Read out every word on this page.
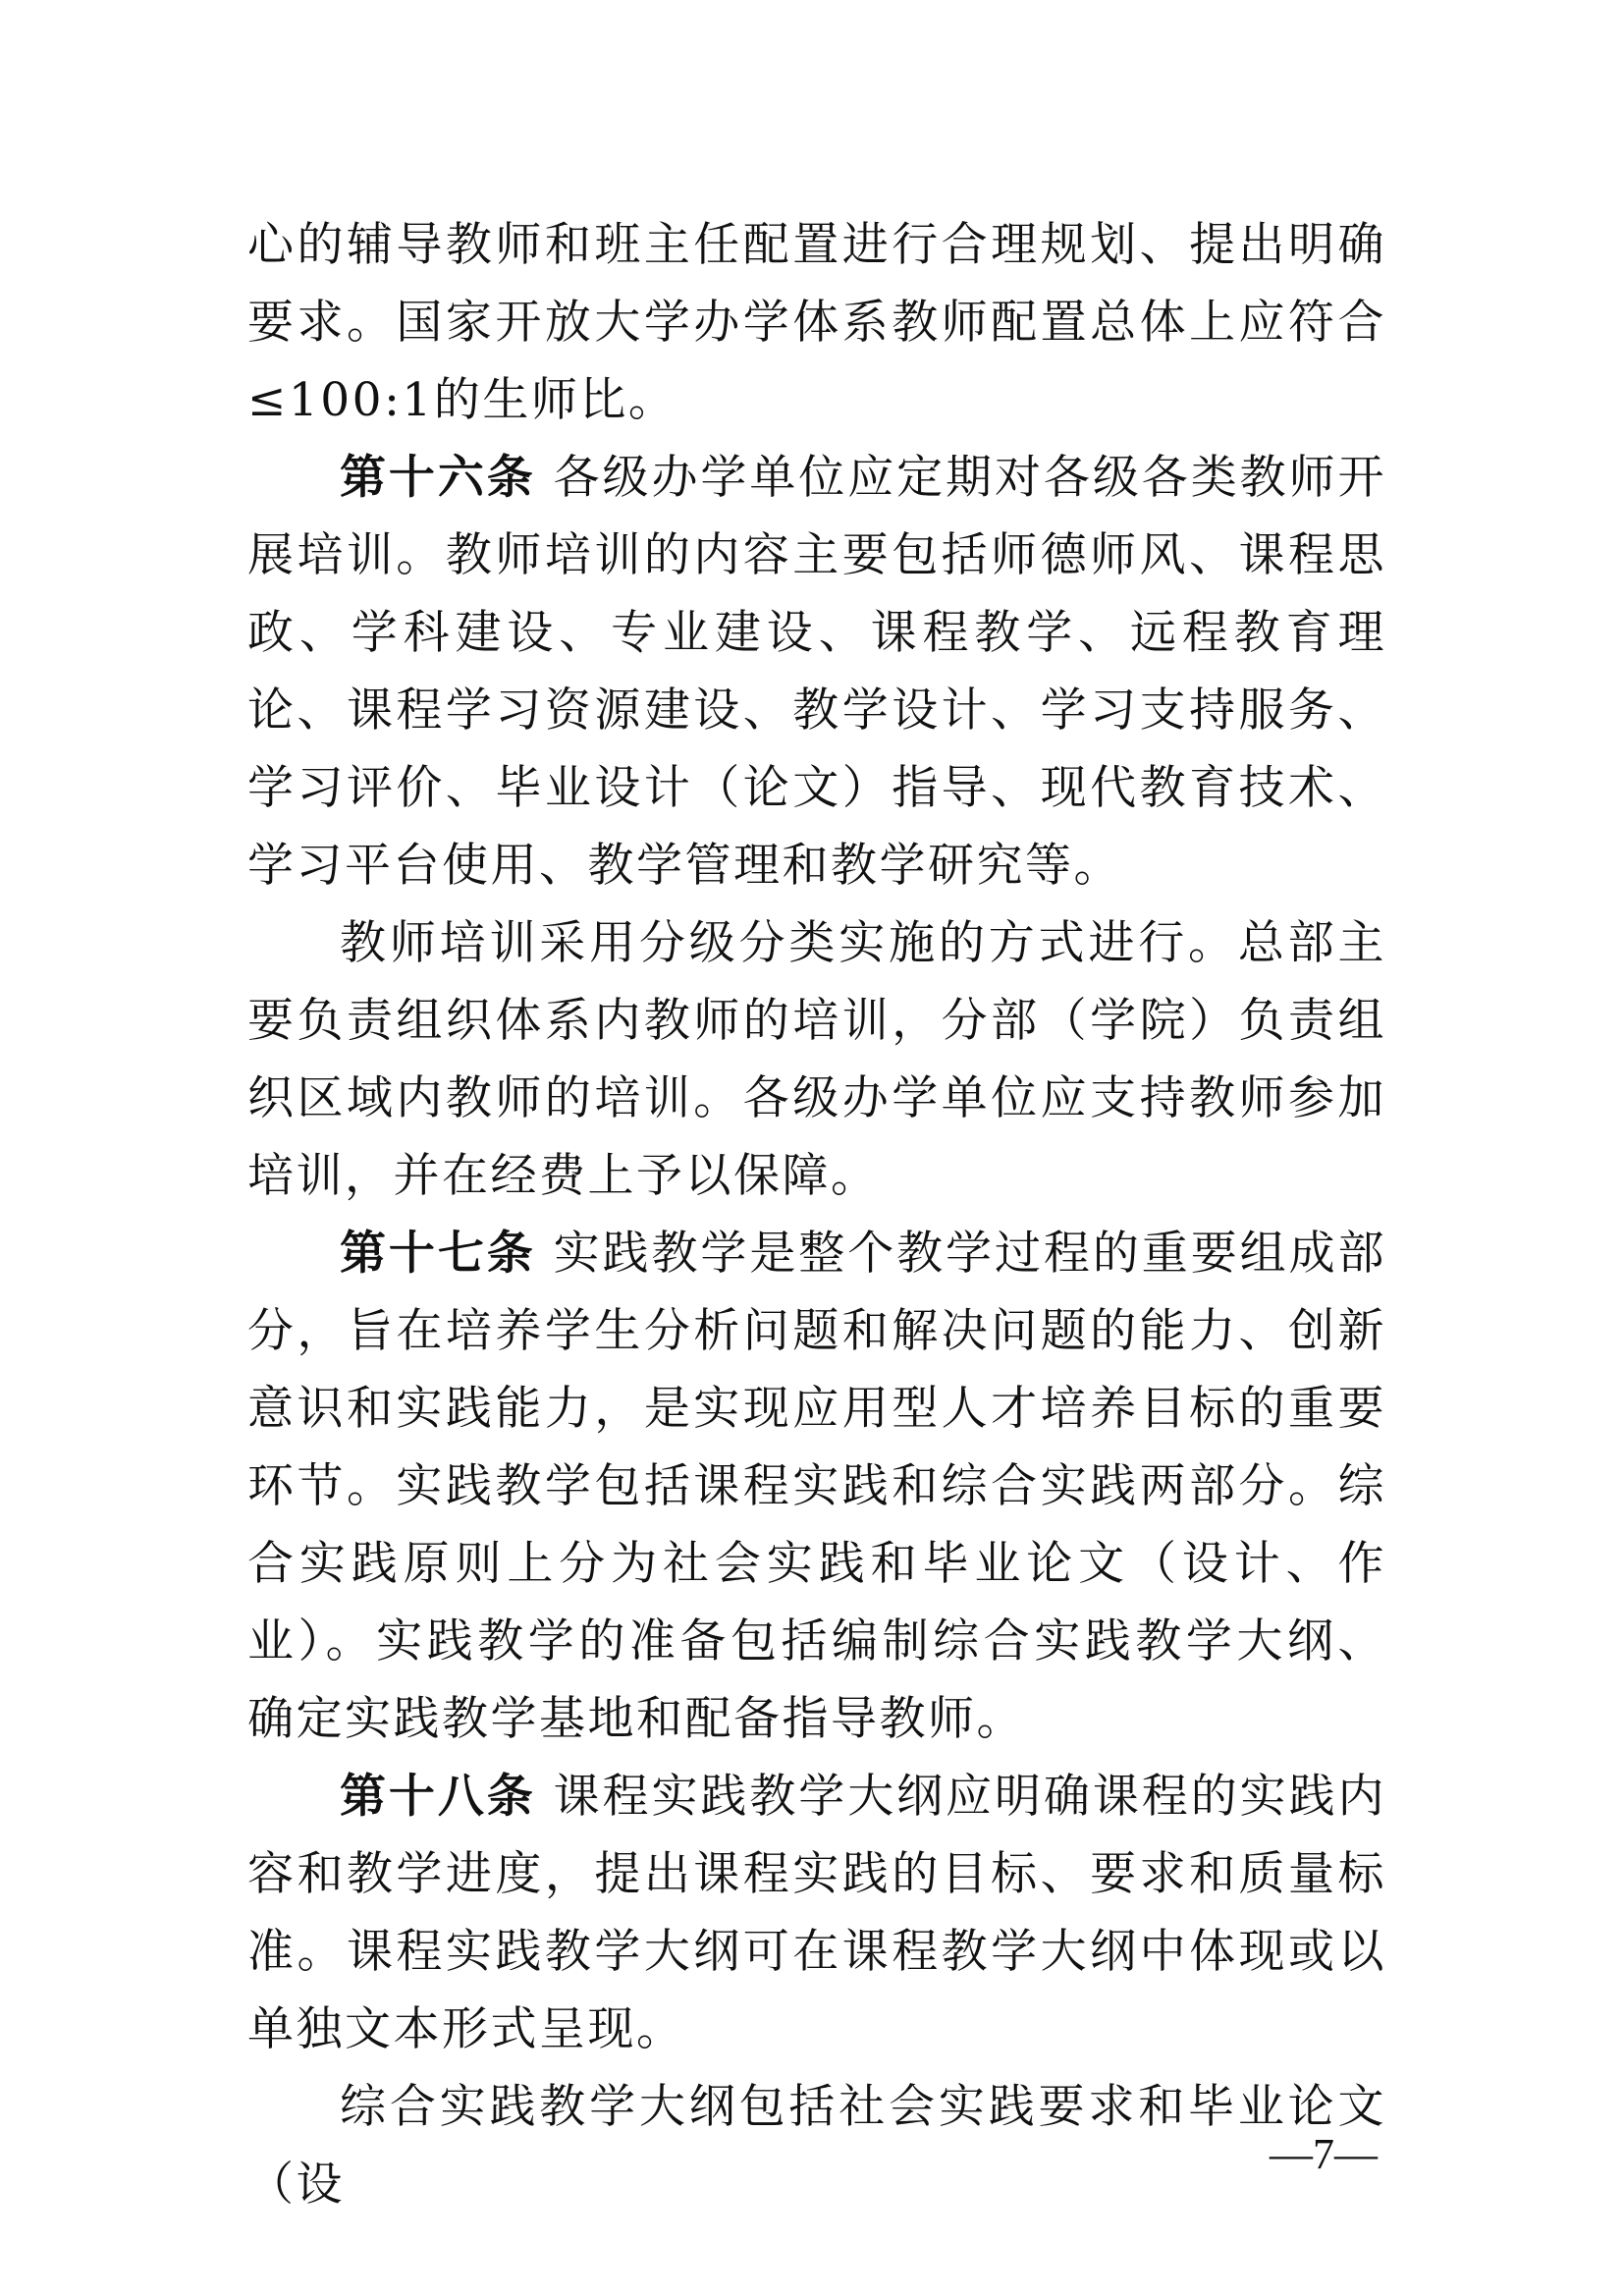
心的辅导教师和班主任配置进行合理规划、提出明确要求。国家开放大学办学体系教师配置总体上应符合≤100:1的生师比。

第十六条 各级办学单位应定期对各级各类教师开展培训。教师培训的内容主要包括师德师风、课程思政、学科建设、专业建设、课程教学、远程教育理论、课程学习资源建设、教学设计、学习支持服务、学习评价、毕业设计（论文）指导、现代教育技术、学习平台使用、教学管理和教学研究等。

教师培训采用分级分类实施的方式进行。总部主要负责组织体系内教师的培训，分部（学院）负责组织区域内教师的培训。各级办学单位应支持教师参加培训，并在经费上予以保障。

第十七条 实践教学是整个教学过程的重要组成部分，旨在培养学生分析问题和解决问题的能力、创新意识和实践能力，是实现应用型人才培养目标的重要环节。实践教学包括课程实践和综合实践两部分。综合实践原则上分为社会实践和毕业论文（设计、作业）。实践教学的准备包括编制综合实践教学大纲、确定实践教学基地和配备指导教师。

第十八条 课程实践教学大纲应明确课程的实践内容和教学进度，提出课程实践的目标、要求和质量标准。课程实践教学大纲可在课程教学大纲中体现或以单独文本形式呈现。

综合实践教学大纲包括社会实践要求和毕业论文（设

—7—
